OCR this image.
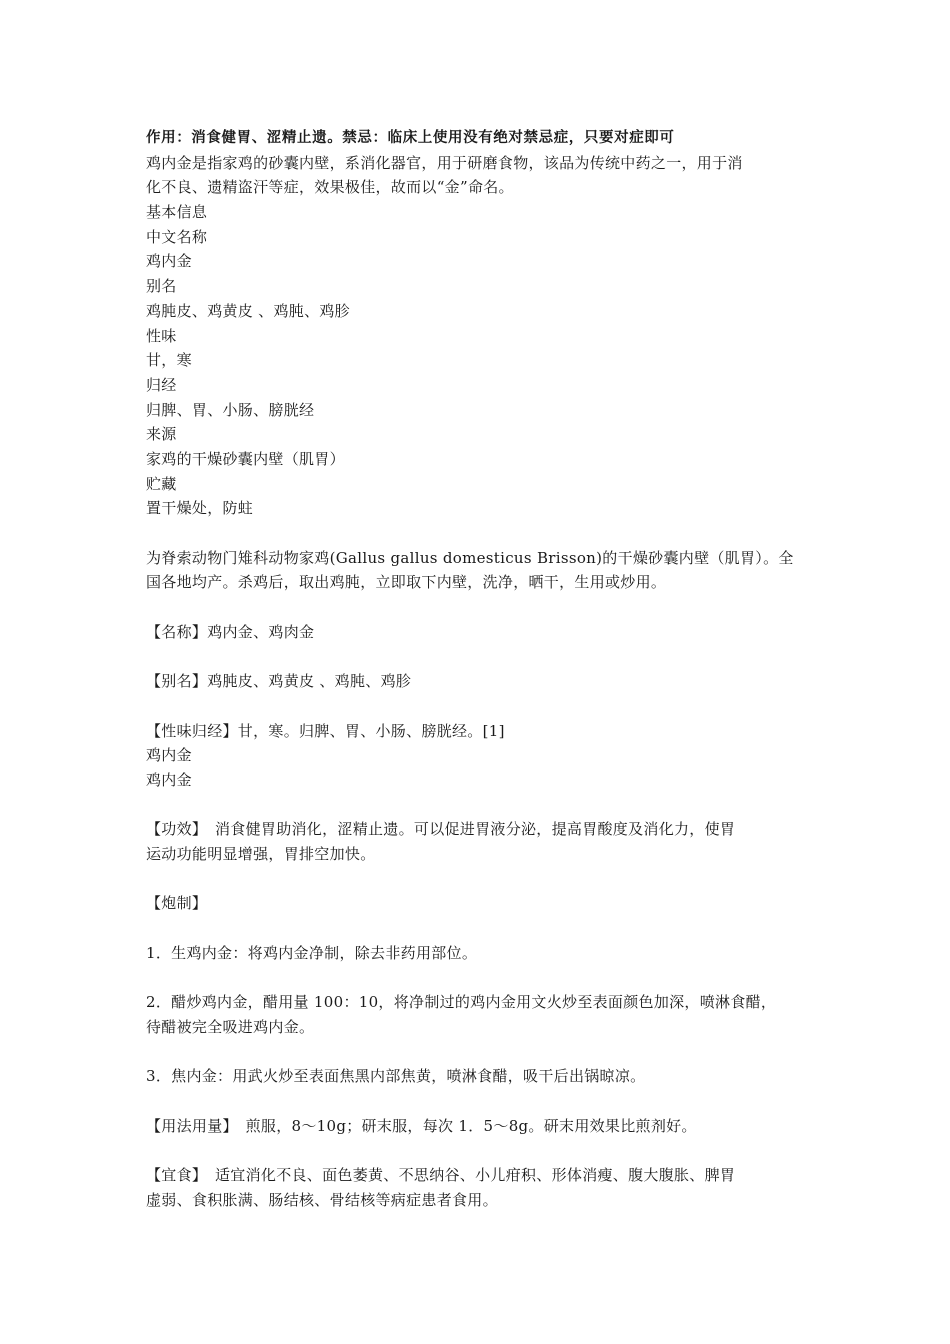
作用：消食健胃、涩精止遗。禁忌：临床上使用没有绝对禁忌症，只要对症即可
鸡内金是指家鸡的砂囊内壁，系消化器官，用于研磨食物，该品为传统中药之一，用于消
化不良、遗精盗汗等症，效果极佳，故而以“金”命名。
基本信息
中文名称
鸡内金
别名
鸡肫皮、鸡黄皮 、鸡肫、鸡胗
性味
甘，寒
归经
归脾、胃、小肠、膀胱经
来源
家鸡的干燥砂囊内壁（肌胃）
贮藏
置干燥处，防蛀
为脊索动物门雉科动物家鸡(Gallus gallus domesticus Brisson)的干燥砂囊内壁（肌胃）。全
国各地均产。杀鸡后，取出鸡肫，立即取下内壁，洗净，晒干，生用或炒用。
【名称】鸡内金、鸡肉金
【别名】鸡肫皮、鸡黄皮 、鸡肫、鸡胗
【性味归经】甘，寒。归脾、胃、小肠、膀胱经。[1]
鸡内金
鸡内金
【功效】　消食健胃助消化，涩精止遗。可以促进胃液分泌，提高胃酸度及消化力，使胃
运动功能明显增强，胃排空加快。
【炮制】
1．生鸡内金：将鸡内金净制，除去非药用部位。
2．醋炒鸡内金，醋用量 100：10，将净制过的鸡内金用文火炒至表面颜色加深，喷淋食醋，
待醋被完全吸进鸡内金。
3．焦内金：用武火炒至表面焦黑内部焦黄，喷淋食醋，吸干后出锅晾凉。
【用法用量】　煎服，8～10g；研末服，每次 1．5～8g。研末用效果比煎剂好。
【宜食】　适宜消化不良、面色萎黄、不思纳谷、小儿疳积、形体消瘦、腹大腹胀、脾胃
虚弱、食积胀满、肠结核、骨结核等病症患者食用。
